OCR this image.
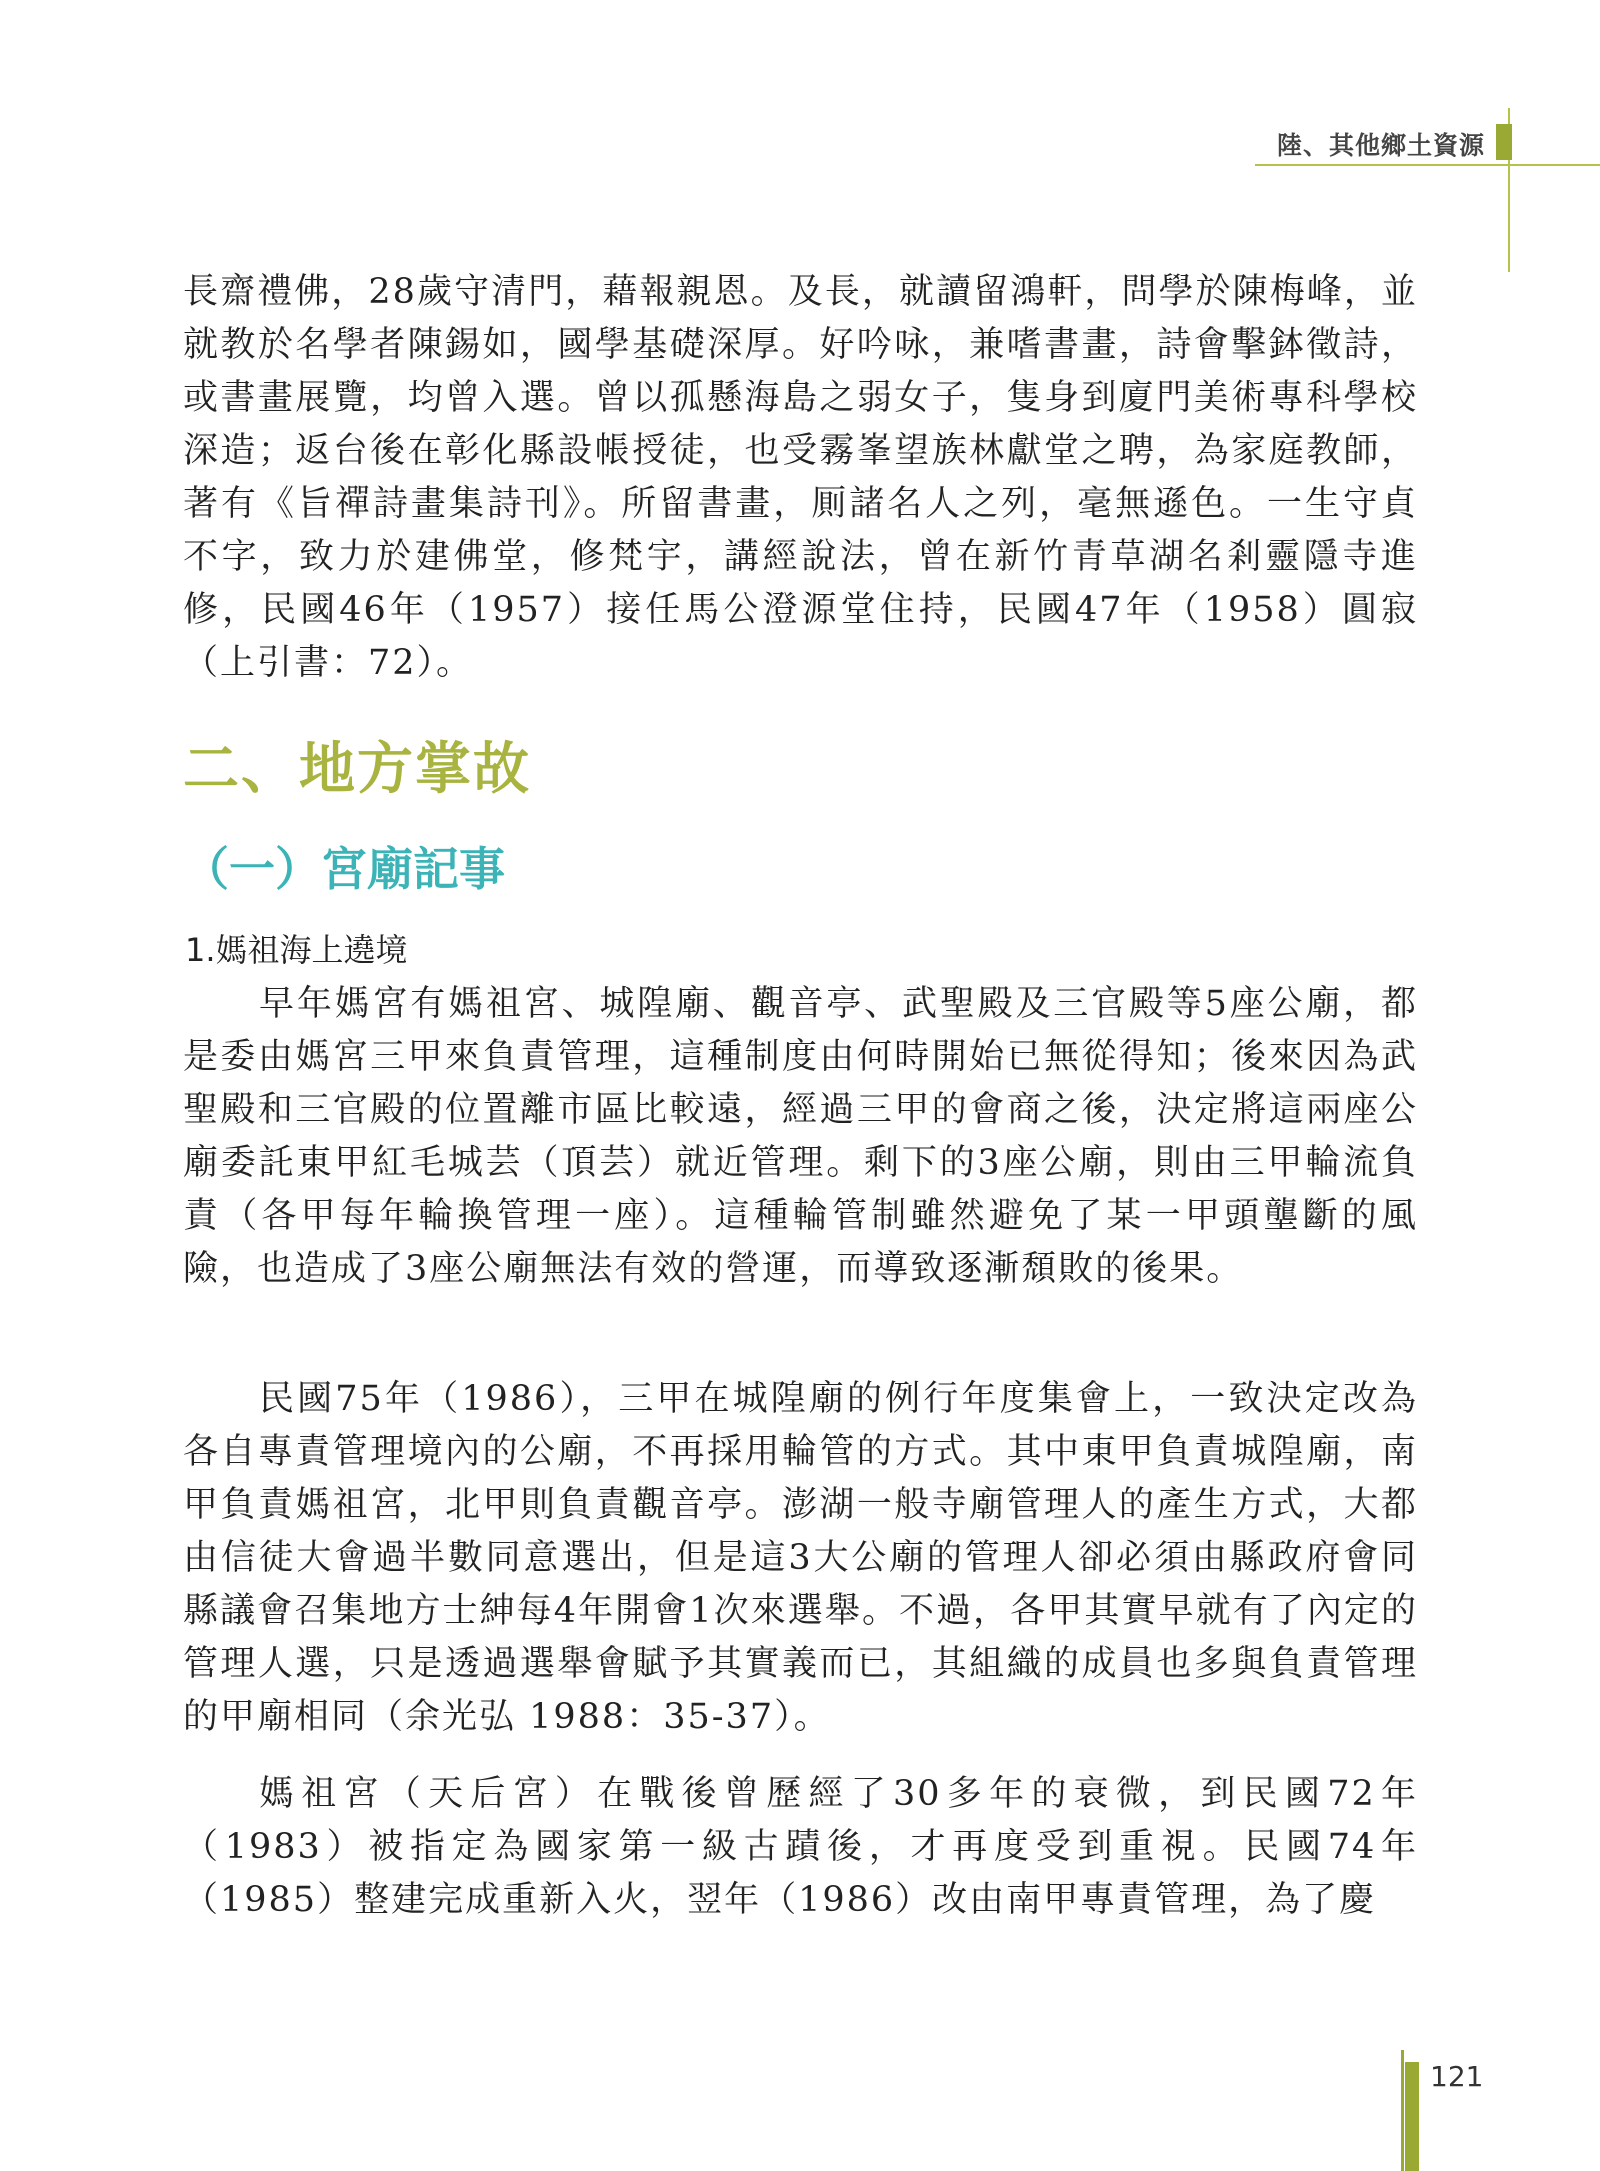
陸、其他鄉土資源

長齋禮佛，28歲守清門，藉報親恩。及長，就讀留鴻軒，問學於陳梅峰，並就教於名學者陳錫如，國學基礎深厚。好吟咏，兼嗜書畫，詩會擊鉢徵詩，或書畫展覽，均曾入選。曾以孤懸海島之弱女子，隻身到廈門美術專科學校深造；返台後在彰化縣設帳授徒，也受霧峯望族林獻堂之聘，為家庭教師，著有《旨禪詩畫集詩刊》。所留書畫，厠諸名人之列，毫無遜色。一生守貞不字，致力於建佛堂，修梵宇，講經說法，曾在新竹青草湖名剎靈隱寺進修，民國46年（1957）接任馬公澄源堂住持，民國47年（1958）圓寂（上引書：72）。

二、地方掌故
（一）宮廟記事
1.媽祖海上遶境

早年媽宮有媽祖宮、城隍廟、觀音亭、武聖殿及三官殿等5座公廟，都是委由媽宮三甲來負責管理，這種制度由何時開始已無從得知；後來因為武聖殿和三官殿的位置離市區比較遠，經過三甲的會商之後，決定將這兩座公廟委託東甲紅毛城芸（頂芸）就近管理。剩下的3座公廟，則由三甲輪流負責（各甲每年輪換管理一座）。這種輪管制雖然避免了某一甲頭壟斷的風險，也造成了3座公廟無法有效的營運，而導致逐漸頹敗的後果。

民國75年（1986），三甲在城隍廟的例行年度集會上，一致決定改為各自專責管理境內的公廟，不再採用輪管的方式。其中東甲負責城隍廟，南甲負責媽祖宮，北甲則負責觀音亭。澎湖一般寺廟管理人的產生方式，大都由信徒大會過半數同意選出，但是這3大公廟的管理人卻必須由縣政府會同縣議會召集地方士紳每4年開會1次來選舉。不過，各甲其實早就有了內定的管理人選，只是透過選舉會賦予其實義而已，其組織的成員也多與負責管理的甲廟相同（余光弘 1988：35-37）。

媽祖宮（天后宮）在戰後曾歷經了30多年的衰微，到民國72年（1983）被指定為國家第一級古蹟後，才再度受到重視。民國74年（1985）整建完成重新入火，翌年（1986）改由南甲專責管理，為了慶

121
